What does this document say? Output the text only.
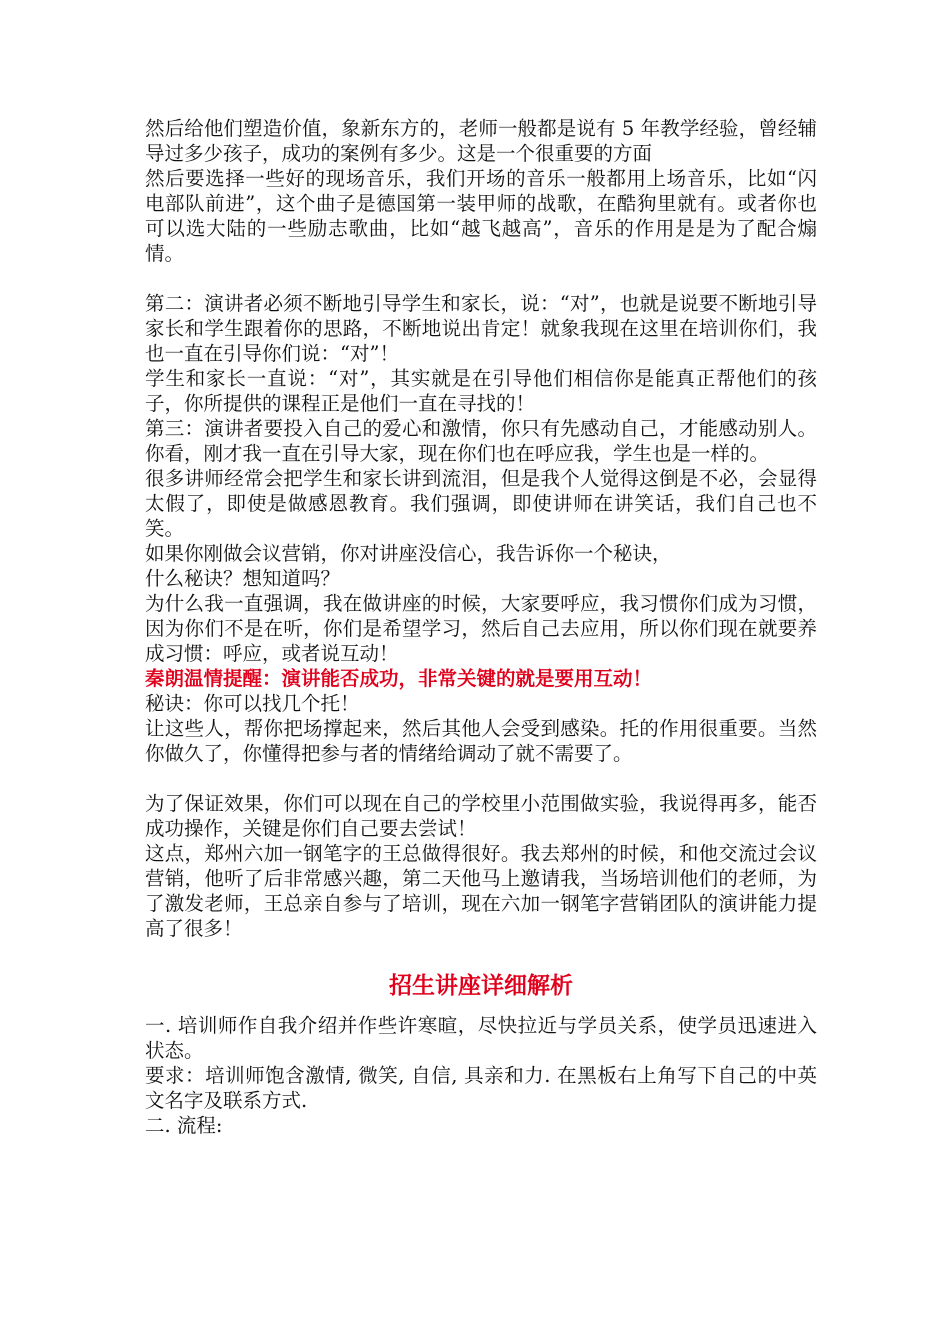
然后给他们塑造价值，象新东方的，老师一般都是说有 5 年教学经验，曾经辅导过多少孩子，成功的案例有多少。这是一个很重要的方面

然后要选择一些好的现场音乐，我们开场的音乐一般都用上场音乐，比如“闪电部队前进”，这个曲子是德国第一装甲师的战歌，在酷狗里就有。或者你也可以选大陆的一些励志歌曲，比如“越飞越高”，音乐的作用是是为了配合煽情。

第二：演讲者必须不断地引导学生和家长，说：“对”，也就是说要不断地引导家长和学生跟着你的思路，不断地说出肯定！就象我现在这里在培训你们，我也一直在引导你们说：“对”！

学生和家长一直说：“对”，其实就是在引导他们相信你是能真正帮他们的孩子，你所提供的课程正是他们一直在寻找的！

第三：演讲者要投入自己的爱心和激情，你只有先感动自己，才能感动别人。你看，刚才我一直在引导大家，现在你们也在呼应我，学生也是一样的。

很多讲师经常会把学生和家长讲到流泪，但是我个人觉得这倒是不必，会显得太假了，即使是做感恩教育。我们强调，即使讲师在讲笑话，我们自己也不笑。

如果你刚做会议营销，你对讲座没信心，我告诉你一个秘诀，

什么秘诀？想知道吗？

为什么我一直强调，我在做讲座的时候，大家要呼应，我习惯你们成为习惯，因为你们不是在听，你们是希望学习，然后自己去应用，所以你们现在就要养成习惯：呼应，或者说互动！

秦朗温情提醒：演讲能否成功，非常关键的就是要用互动！

秘诀：你可以找几个托！

让这些人，帮你把场撑起来，然后其他人会受到感染。托的作用很重要。当然你做久了，你懂得把参与者的情绪给调动了就不需要了。

为了保证效果，你们可以现在自己的学校里小范围做实验，我说得再多，能否成功操作，关键是你们自己要去尝试！

这点，郑州六加一钢笔字的王总做得很好。我去郑州的时候，和他交流过会议营销，他听了后非常感兴趣，第二天他马上邀请我，当场培训他们的老师，为了激发老师，王总亲自参与了培训，现在六加一钢笔字营销团队的演讲能力提高了很多！

招生讲座详细解析

一. 培训师作自我介绍并作些许寒暄，尽快拉近与学员关系，使学员迅速进入状态。

要求：培训师饱含激情, 微笑, 自信, 具亲和力. 在黑板右上角写下自己的中英文名字及联系方式.

二. 流程:
